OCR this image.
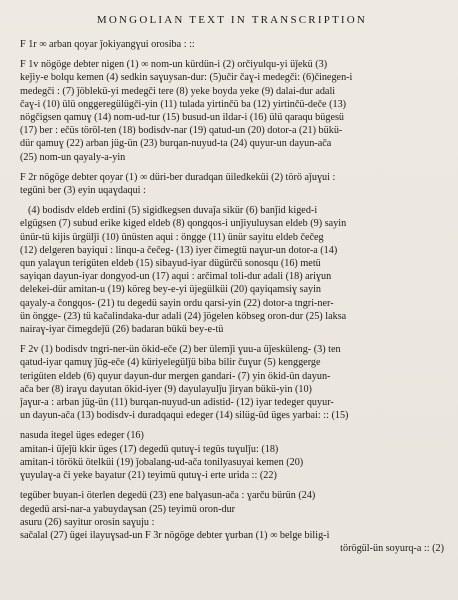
MONGOLIAN TEXT IN TRANSCRIPTION
F 1r ∞ arban qoyar ǰokiyangɣui orosiba : ::
F 1v nögöge debter nigen (1) ∞ nom-un kürdün-i (2) orčiyulqu-yi üǰekü (3)
keǰiy-e bolqu kemen (4) sedkin saɣuysan-dur: (5)učir čaɣ-i medegči: (6)činegen-i
medegči : (7) ǰöblekü-yi medegči tere (8) yeke boyda yeke (9) dalai-dur adali
čaɣ-i (10) ülü onggeregülügči-yin (11) tulada yirtinčü ba (12) yirtinčü-deče (13)
nögčigsen qamuɣ (14) nom-ud-tur (15) busud-un ildar-i (16) ülü qaraqu bügesü
(17) ber : ečüs töröl-ten (18) bodisdv-nar (19) qatud-un (20) dotor-a (21) bükü-
dür qamuɣ (22) arban jüg-ün (23) burqan-nuyud-ta (24) quyur-un dayun-ača
(25) nom-un qayaly-a-yin
F 2r nögöge debter qoyar (1) ∞ düri-ber duradqan üiledkeküi (2) törö aǰuɣui :
tegüni ber (3) eyin uqaɣdaqui :
(4) bodisdv eldeb erdini (5) sigidkegsen duvaǰa sikür (6) banǰid kiged-i
elgügsen (7) subud erike kiged eldeb (8) qongqos-i unǰiyuluysan eldeb (9) sayin
ünür-tü kijis ürgülǰi (10) ünüsten aqui : öngge (11) ünür sayitu eldeb čečeg
(12) delgeren bayiqui : linqu-a čečeg- (13) iyer čimegtü naɣur-un dotor-a (14)
qun yalaɣun terigüten eldeb (15) sibayud-iyar dügürčü sonosqu (16) metü
sayiqan dayun-iyar dongyod-un (17) aqui : arčimal toli-dur adali (18) ariɣun
delekei-dür amitan-u (19) köreg bey-e-yi üjegülküi (20) qayiqamsiɣ sayin
qayaly-a čongqos- (21) tu degedü sayin ordu qarsi-yin (22) dotor-a tngri-ner-
ün öngge- (23) tü kačalindaka-dur adali (24) ǰögelen köbseg oron-dur (25) laksa
nairaɣ-iyar čimegdeǰü (26) badaran bükü bey-e-tü
F 2v (1) bodisdv tngri-ner-ün ökid-eče (2) ber ülemǰi ɣuu-a üǰesküleng- (3) ten
qatud-iyar qamuɣ ǰüg-eče (4) küriyelegülǰü biba bilir čuɣur (5) kenggerge
terigüten eldeb (6) quyur dayun-dur mergen gandari- (7) yin ökid-ün dayun-
ača ber (8) iraɣu dayutan ökid-iyer (9) dayulayulǰu ǰiryan bükü-yin (10)
ǰaɣur-a : arban jüg-ün (11) burqan-nuyud-un adistid- (12) iyar tedeger quyur-
un dayun-ača (13) bodisdv-i duradqaqui edeger (14) silüg-üd üges yarbai: :: (15)
nasuda itegel üges edeger (16)
amitan-i üǰeǰü kkir üges (17) degedü qutuɣ-i tegüs tuɣulǰu: (18)
amitan-i törökü ötelküi (19) ǰobalang-ud-ača tonilyasuyai kemen (20)
ɣuyulaɣ-a či yeke bayatur (21) teyimü qutuɣ-i erte urida :: (22)
tegüber buyan-i öterlen degedü (23) ene balɣasun-ača : ɣarču bürün (24)
degedü arsi-nar-a yabuydaɣsan (25) teyimü oron-dur
asuru (26) sayitur orosin saɣuju :
sačalal (27) ügei ilayuɣsad-un F 3r nögöge debter ɣurban (1) ∞ belge bilig-i
törögül-ün soyurq-a :: (2)
